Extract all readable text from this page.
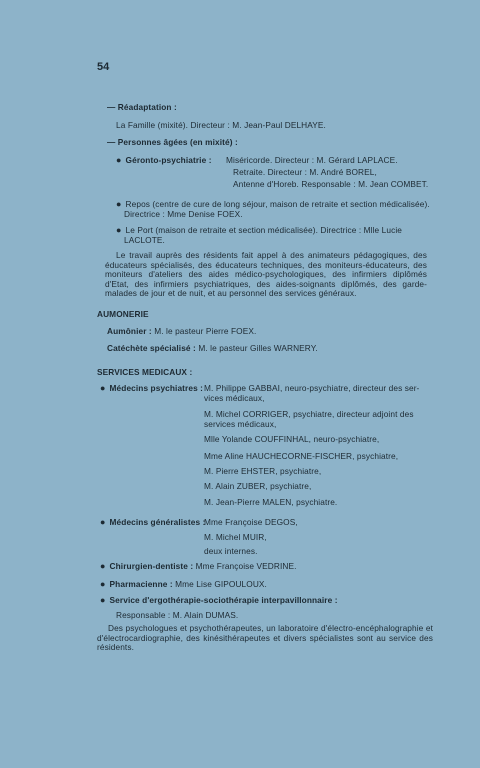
54
— Réadaptation :
La Famille (mixité). Directeur : M. Jean-Paul DELHAYE.
— Personnes âgées (en mixité) :
● Géronto-psychiatrie : Miséricorde. Directeur : M. Gérard LAPLACE.
Retraite. Directeur : M. André BOREL,
Antenne d'Horeb. Responsable : M. Jean COMBET.
● Repos (centre de cure de long séjour, maison de retraite et section médicalisée).
Directrice : Mme Denise FOEX.
● Le Port (maison de retraite et section médicalisée). Directrice : Mlle Lucie
LACLOTE.
Le travail auprès des résidents fait appel à des animateurs pédagogiques, des éducateurs spécialisés, des éducateurs techniques, des moniteurs-éducateurs, des moniteurs d'ateliers des aides médico-psychologiques, des infirmiers diplômés d'Etat, des infirmiers psychiatriques, des aides-soignants diplômés, des garde-malades de jour et de nuit, et au personnel des services généraux.
AUMONERIE
Aumônier : M. le pasteur Pierre FOEX.
Catéchète spécialisé : M. le pasteur Gilles WARNERY.
SERVICES MEDICAUX :
● Médecins psychiatres : M. Philippe GABBAI, neuro-psychiatre, directeur des ser-
vices médicaux,
M. Michel CORRIGER, psychiatre, directeur adjoint des
services médicaux,
Mlle Yolande COUFFINHAL, neuro-psychiatre,
Mme Aline HAUCHECORNE-FISCHER, psychiatre,
M. Pierre EHSTER, psychiatre,
M. Alain ZUBER, psychiatre,
M. Jean-Pierre MALEN, psychiatre.
● Médecins généralistes :
Mme Françoise DEGOS,
M. Michel MUIR,
deux internes.
● Chirurgien-dentiste : Mme Françoise VEDRINE.
● Pharmacienne : Mme Lise GIPOULOUX.
● Service d'ergothérapie-sociothérapie interpavillonnaire :
Responsable : M. Alain DUMAS.
Des psychologues et psychothérapeutes, un laboratoire d'électro-encéphalographie et d'électrocardiographie, des kinésithérapeutes et divers spécialistes sont au service des résidents.
